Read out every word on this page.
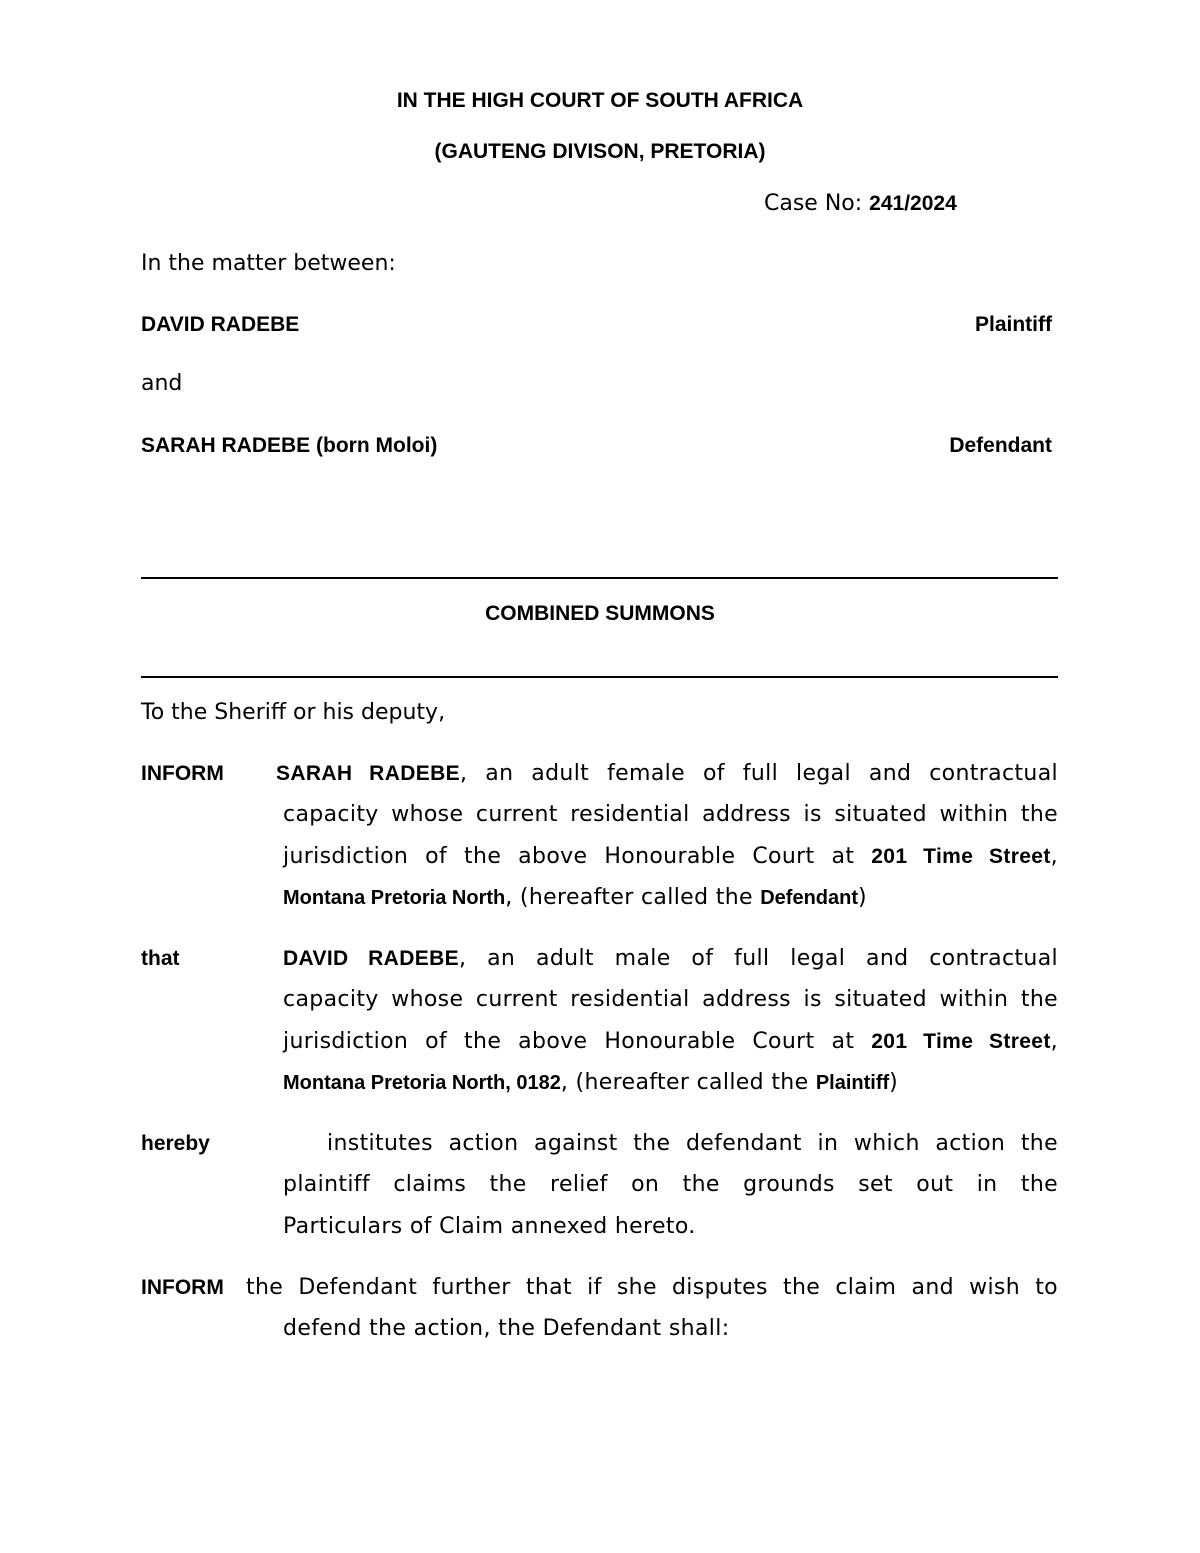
IN THE HIGH COURT OF SOUTH AFRICA
(GAUTENG DIVISON, PRETORIA)
Case No: 241/2024
In the matter between:
DAVID RADEBE	Plaintiff
and
SARAH RADEBE (born Moloi)	Defendant
COMBINED SUMMONS
To the Sheriff or his deputy,
INFORM SARAH RADEBE, an adult female of full legal and contractual
capacity whose current residential address is situated within the
jurisdiction of the above Honourable Court at 201 Time Street,
Montana Pretoria North, (hereafter called the Defendant)
that	DAVID RADEBE, an adult male of full legal and contractual
capacity whose current residential address is situated within the
jurisdiction of the above Honourable Court at 201 Time Street,
Montana Pretoria North, 0182, (hereafter called the Plaintiff)
hereby	institutes action against the defendant in which action the
plaintiff claims the relief on the grounds set out in the
Particulars of Claim annexed hereto.
INFORM the Defendant further that if she disputes the claim and wish to
defend the action, the Defendant shall:
